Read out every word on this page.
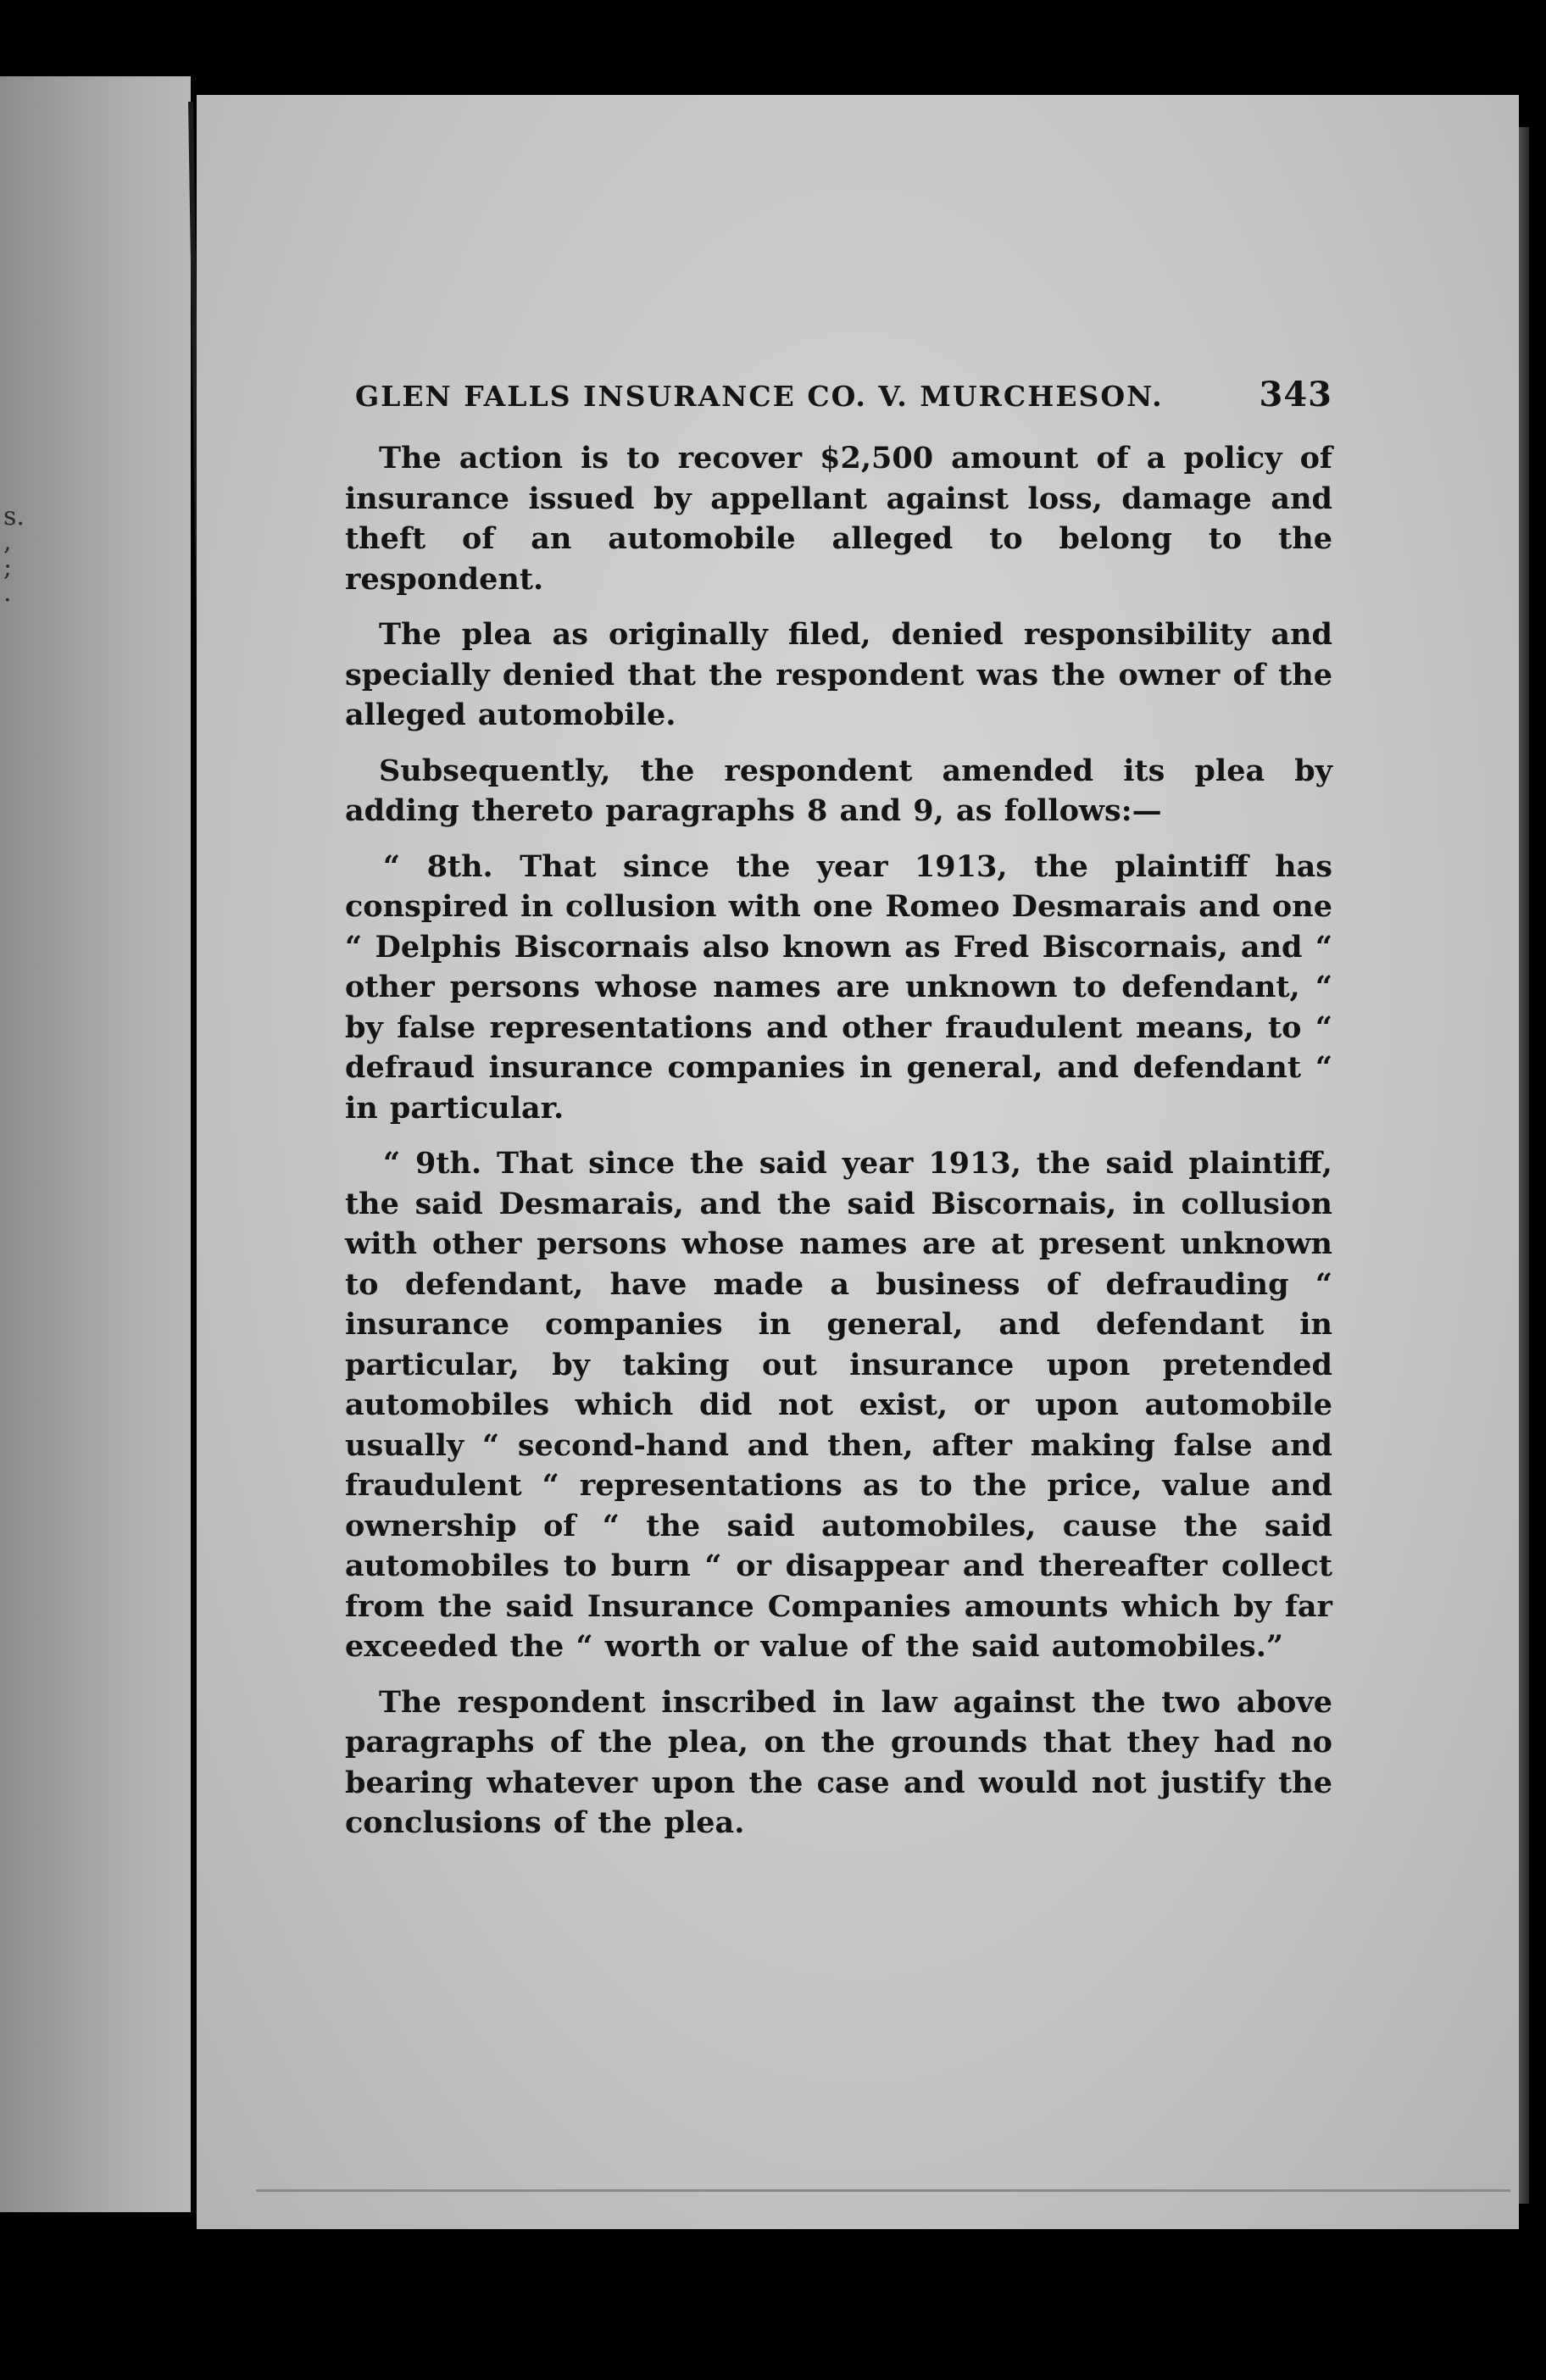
s.
,
;
.
GLEN FALLS INSURANCE CO. V. MURCHESON.	343

The action is to recover $2,500 amount of a policy of insurance issued by appellant against loss, damage and theft of an automobile alleged to belong to the respondent.

The plea as originally filed, denied responsibility and specially denied that the respondent was the owner of the alleged automobile.

Subsequently, the respondent amended its plea by adding thereto paragraphs 8 and 9, as follows:—

“ 8th. That since the year 1913, the plaintiff has conspired in collusion with one Romeo Desmarais and one “ Delphis Biscornais also known as Fred Biscornais, and “ other persons whose names are unknown to defendant, “ by false representations and other fraudulent means, to “ defraud insurance companies in general, and defendant “ in particular.

“ 9th. That since the said year 1913, the said plaintiff, the said Desmarais, and the said Biscornais, in collusion with other persons whose names are at present unknown to defendant, have made a business of defrauding “ insurance companies in general, and defendant in particular, by taking out insurance upon pretended automobiles which did not exist, or upon automobile usually “ second-hand and then, after making false and fraudulent “ representations as to the price, value and ownership of “ the said automobiles, cause the said automobiles to burn “ or disappear and thereafter collect from the said Insurance Companies amounts which by far exceeded the “ worth or value of the said automobiles.”

The respondent inscribed in law against the two above paragraphs of the plea, on the grounds that they had no bearing whatever upon the case and would not justify the conclusions of the plea.
